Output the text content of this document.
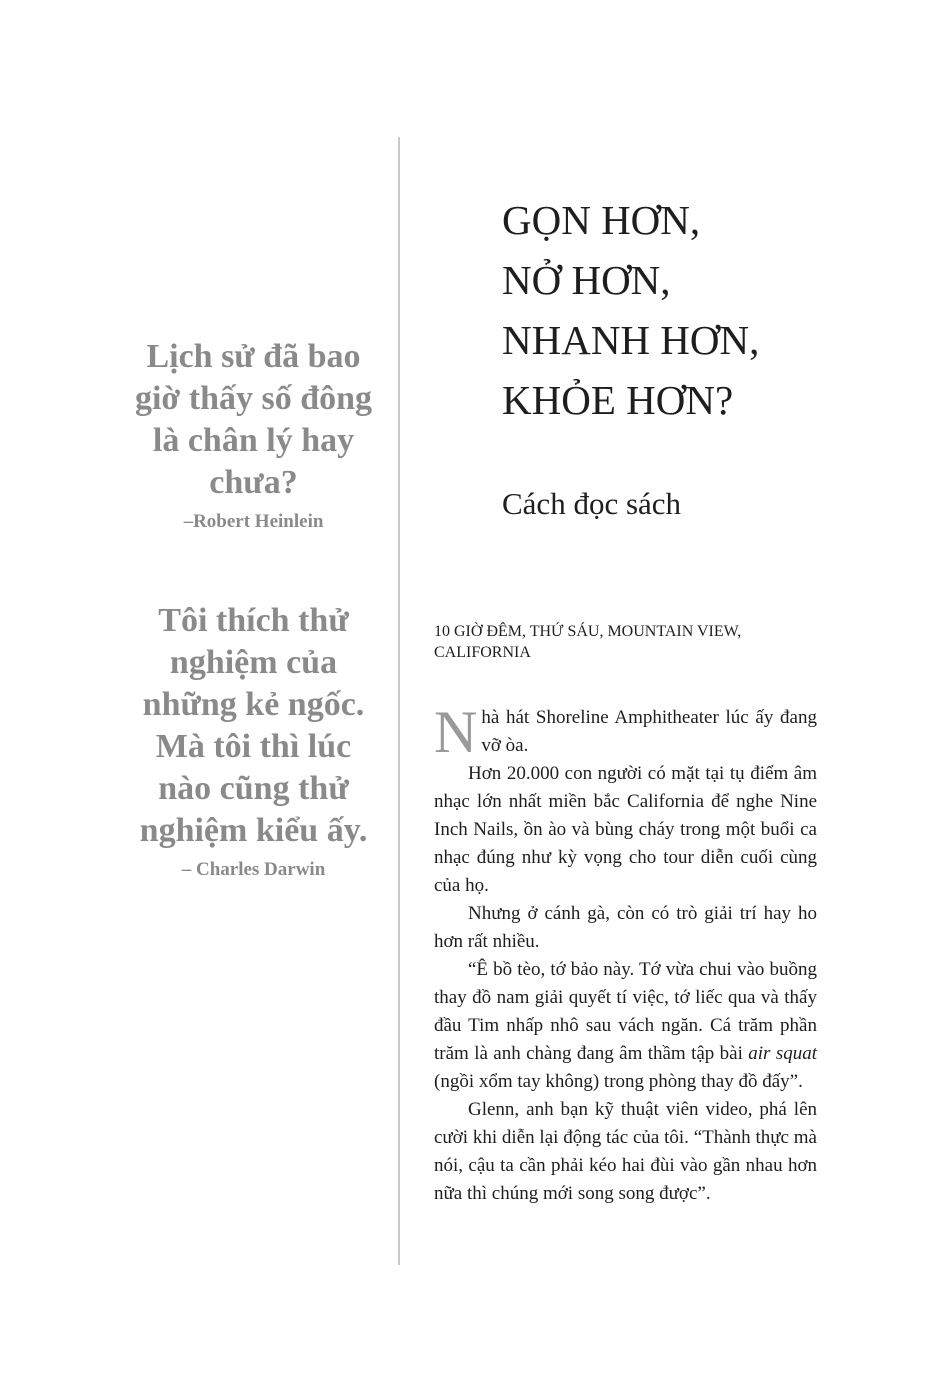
Lịch sử đã bao
giờ thấy số đông
là chân lý hay
chưa?

–Robert Heinlein

Tôi thích thử
nghiệm của
những kẻ ngốc.
Mà tôi thì lúc
nào cũng thử
nghiệm kiểu ấy.

– Charles Darwin
GỌN HƠN,
NỞ HƠN,
NHANH HƠN,
KHỎE HƠN?
Cách đọc sách
10 GIỜ ĐÊM, THỨ SÁU, MOUNTAIN VIEW, CALIFORNIA

Nhà hát Shoreline Amphitheater lúc ấy đang vỡ òa.

Hơn 20.000 con người có mặt tại tụ điểm âm nhạc lớn nhất miền bắc California để nghe Nine Inch Nails, ồn ào và bùng cháy trong một buổi ca nhạc đúng như kỳ vọng cho tour diễn cuối cùng của họ.

Nhưng ở cánh gà, còn có trò giải trí hay ho hơn rất nhiều.

“Ê bồ tèo, tớ bảo này. Tớ vừa chui vào buồng thay đồ nam giải quyết tí việc, tớ liếc qua và thấy đầu Tim nhấp nhô sau vách ngăn. Cá trăm phần trăm là anh chàng đang âm thầm tập bài air squat (ngồi xổm tay không) trong phòng thay đồ đấy”.

Glenn, anh bạn kỹ thuật viên video, phá lên cười khi diễn lại động tác của tôi. “Thành thực mà nói, cậu ta cần phải kéo hai đùi vào gần nhau hơn nữa thì chúng mới song song được”.
